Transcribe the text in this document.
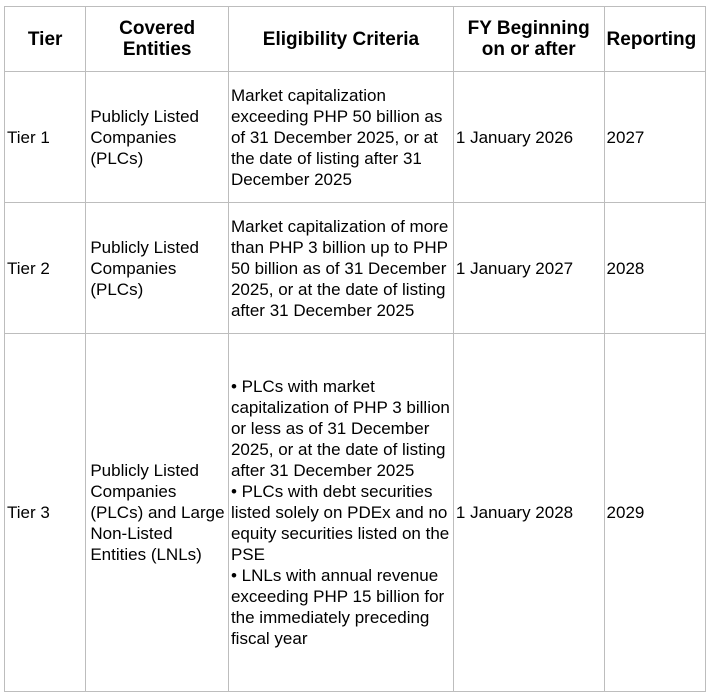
Tier	Covered Entities	Eligibility Criteria	FY Beginning on or after	Reporting
Tier 1	Publicly Listed Companies (PLCs)	Market capitalization exceeding PHP 50 billion as of 31 December 2025, or at the date of listing after 31 December 2025	1 January 2026	2027
Tier 2	Publicly Listed Companies (PLCs)	Market capitalization of more than PHP 3 billion up to PHP 50 billion as of 31 December 2025, or at the date of listing after 31 December 2025	1 January 2027	2028
Tier 3	Publicly Listed Companies (PLCs) and Large Non-Listed Entities (LNLs)	• PLCs with market capitalization of PHP 3 billion or less as of 31 December 2025, or at the date of listing after 31 December 2025
• PLCs with debt securities listed solely on PDEx and no equity securities listed on the PSE
• LNLs with annual revenue exceeding PHP 15 billion for the immediately preceding fiscal year	1 January 2028	2029
